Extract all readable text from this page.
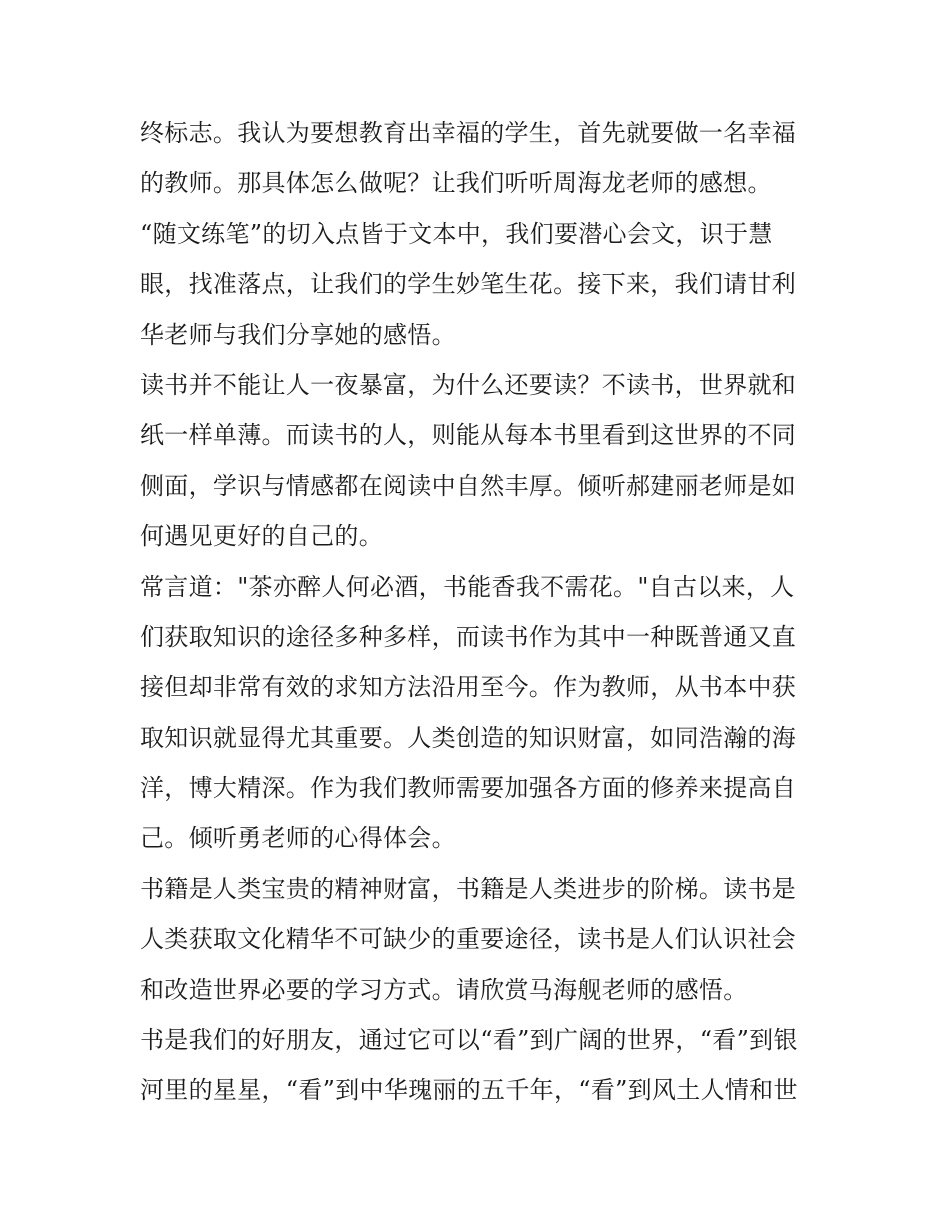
终标志。我认为要想教育出幸福的学生，首先就要做一名幸福
的教师。那具体怎么做呢？让我们听听周海龙老师的感想。
“随文练笔”的切入点皆于文本中，我们要潜心会文，识于慧
眼，找准落点，让我们的学生妙笔生花。接下来，我们请甘利
华老师与我们分享她的感悟。
读书并不能让人一夜暴富，为什么还要读？不读书，世界就和
纸一样单薄。而读书的人，则能从每本书里看到这世界的不同
侧面，学识与情感都在阅读中自然丰厚。倾听郝建丽老师是如
何遇见更好的自己的。
常言道："茶亦醉人何必酒，书能香我不需花。"自古以来，人
们获取知识的途径多种多样，而读书作为其中一种既普通又直
接但却非常有效的求知方法沿用至今。作为教师，从书本中获
取知识就显得尤其重要。人类创造的知识财富，如同浩瀚的海
洋，博大精深。作为我们教师需要加强各方面的修养来提高自
己。倾听勇老师的心得体会。
书籍是人类宝贵的精神财富，书籍是人类进步的阶梯。读书是
人类获取文化精华不可缺少的重要途径，读书是人们认识社会
和改造世界必要的学习方式。请欣赏马海舰老师的感悟。
书是我们的好朋友，通过它可以“看”到广阔的世界，“看”到银
河里的星星，“看”到中华瑰丽的五千年，“看”到风土人情和世
